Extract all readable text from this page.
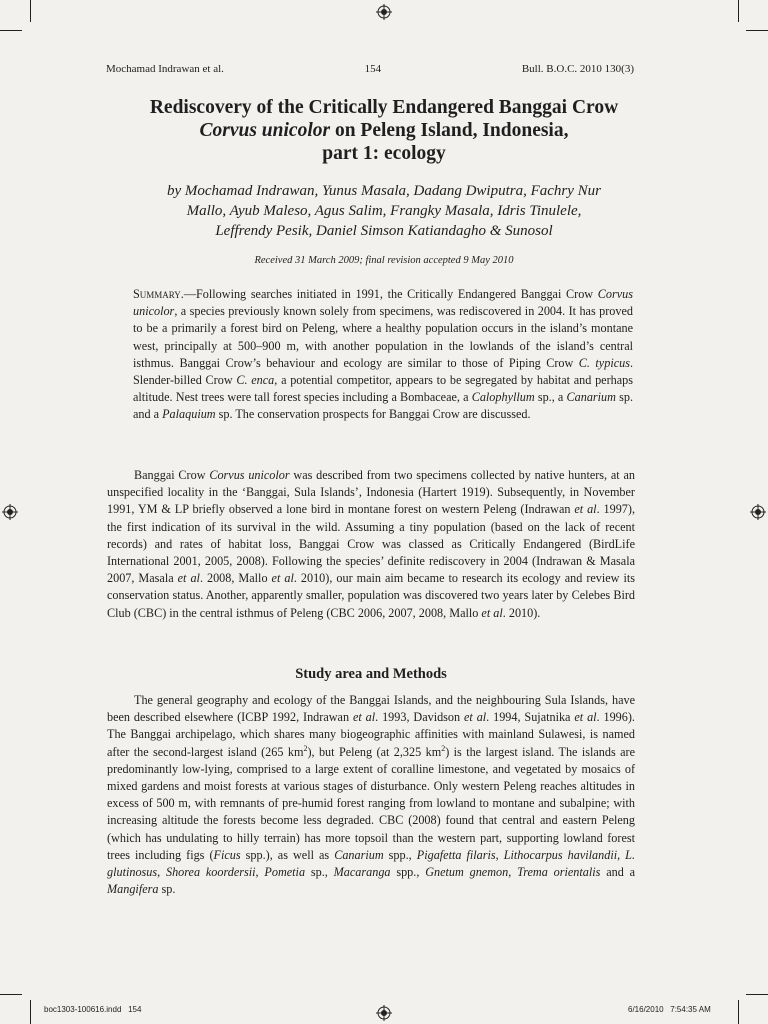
Mochamad Indrawan et al.	154	Bull. B.O.C. 2010 130(3)
Rediscovery of the Critically Endangered Banggai Crow
Corvus unicolor on Peleng Island, Indonesia,
part 1: ecology
by Mochamad Indrawan, Yunus Masala, Dadang Dwiputra, Fachry Nur
Mallo, Ayub Maleso, Agus Salim, Frangky Masala, Idris Tinulele,
Leffrendy Pesik, Daniel Simson Katiandagho & Sunosol
Received 31 March 2009; final revision accepted 9 May 2010
Summary.—Following searches initiated in 1991, the Critically Endangered Banggai Crow Corvus unicolor, a species previously known solely from specimens, was rediscovered in 2004. It has proved to be a primarily a forest bird on Peleng, where a healthy population occurs in the island’s montane west, principally at 500–900 m, with another population in the lowlands of the island’s central isthmus. Banggai Crow’s behaviour and ecology are similar to those of Piping Crow C. typicus. Slender-billed Crow C. enca, a potential competitor, appears to be segregated by habitat and perhaps altitude. Nest trees were tall forest species including a Bombaceae, a Calophyllum sp., a Canarium sp. and a Palaquium sp. The conservation prospects for Banggai Crow are discussed.
Banggai Crow Corvus unicolor was described from two specimens collected by native hunters, at an unspecified locality in the ‘Banggai, Sula Islands’, Indonesia (Hartert 1919). Subsequently, in November 1991, YM & LP briefly observed a lone bird in montane forest on western Peleng (Indrawan et al. 1997), the first indication of its survival in the wild. Assuming a tiny population (based on the lack of recent records) and rates of habitat loss, Banggai Crow was classed as Critically Endangered (BirdLife International 2001, 2005, 2008). Following the species’ definite rediscovery in 2004 (Indrawan & Masala 2007, Masala et al. 2008, Mallo et al. 2010), our main aim became to research its ecology and review its conservation status. Another, apparently smaller, population was discovered two years later by Celebes Bird Club (CBC) in the central isthmus of Peleng (CBC 2006, 2007, 2008, Mallo et al. 2010).
Study area and Methods
The general geography and ecology of the Banggai Islands, and the neighbouring Sula Islands, have been described elsewhere (ICBP 1992, Indrawan et al. 1993, Davidson et al. 1994, Sujatnika et al. 1996). The Banggai archipelago, which shares many biogeographic affinities with mainland Sulawesi, is named after the second-largest island (265 $km^2$), but Peleng (at 2,325 $km^2$) is the largest island. The islands are predominantly low-lying, comprised to a large extent of coralline limestone, and vegetated by mosaics of mixed gardens and moist forests at various stages of disturbance. Only western Peleng reaches altitudes in excess of 500 m, with remnants of pre-humid forest ranging from lowland to montane and subalpine; with increasing altitude the forests become less degraded. CBC (2008) found that central and eastern Peleng (which has undulating to hilly terrain) has more topsoil than the western part, supporting lowland forest trees including figs (Ficus spp.), as well as Canarium spp., Pigafetta filaris, Lithocarpus havilandii, L. glutinosus, Shorea koordersii, Pometia sp., Macaranga spp., Gnetum gnemon, Trema orientalis and a Mangifera sp.
boc1303-100616.indd   154	6/16/2010   7:54:35 AM
